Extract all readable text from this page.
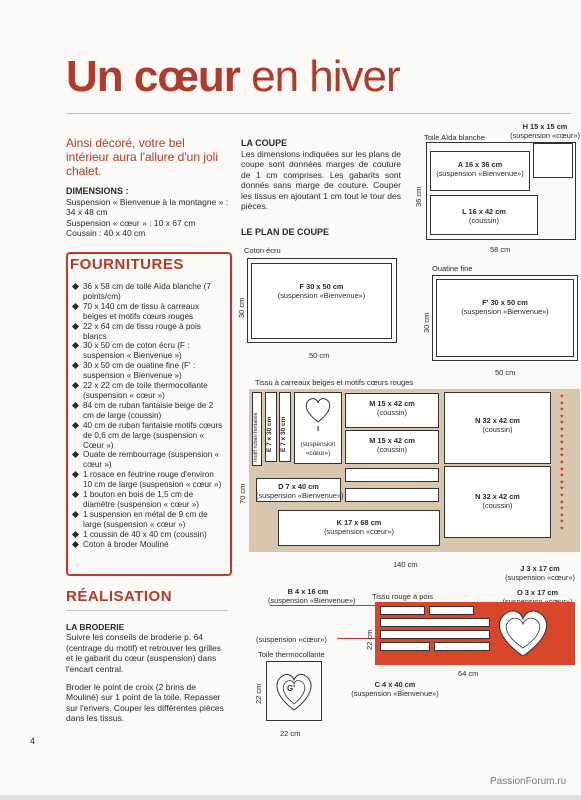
Un cœur en hiver
Ainsi décoré, votre bel intérieur aura l'allure d'un joli chalet.
DIMENSIONS :
Suspension « Bienvenue à la montagne » : 34 x 48 cm
Suspension « cœur » : 10 x 67 cm
Coussin : 40 x 40 cm
FOURNITURES
36 x 58 cm de toile Aïda blanche (7 points/cm)
70 x 140 cm de tissu à carreaux beiges et motifs cœurs rouges
22 x 64 cm de tissu rouge à pois blancs
30 x 50 cm de coton écru (F : suspension « Bienvenue »)
30 x 50 cm de ouatine fine (F' : suspension « Bienvenue »)
22 x 22 cm de toile thermocollante (suspension « cœur »)
84 cm de ruban fantaisie beige de 2 cm de large (coussin)
40 cm de ruban fantaisie motifs cœurs de 0,6 cm de large (suspension « Cœur »)
Ouate de rembourrage (suspension « cœur »)
1 rosace en feutrine rouge d'environ 10 cm de large (suspension « cœur »)
1 bouton en bois de 1,5 cm de diamètre (suspension « cœur »)
1 suspension en métal de 9 cm de large (suspension « cœur »)
1 coussin de 40 x 40 cm (coussin)
Coton à broder Mouliné
RÉALISATION
LA BRODERIE
Suivre les conseils de broderie p. 64 (centrage du motif) et retrouver les grilles et le gabarit du cœur (suspension) dans l'encart central.
Broder le point de croix (2 brins de Mouliné) sur 1 point de la toile. Repasser sur l'envers. Couper les différentes pièces dans les tissus.
4
LA COUPE
Les dimensions indiquées sur les plans de coupe sont données marges de couture de 1 cm comprises. Les gabarits sont donnés sans marge de couture. Couper les tissus en ajoutant 1 cm tout le tour des pièces.
LE PLAN DE COUPE
Toile Aïda blanche
A 16 x 36 cm
(suspension «Bienvenue»)
H 15 x 15 cm
(suspension «cœur»)
L 16 x 42 cm
(coussin)
58 cm
36 cm
Coton écru
F 30 x 50 cm
(suspension «Bienvenue»)
50 cm
30 cm
Ouatine fine
F' 30 x 50 cm
(suspension «Bienvenue»)
50 cm
30 cm
Tissu à carreaux beiges et motifs cœurs rouges
motif ruban fantaisie E 7 x 30 cm E 7 x 30 cm	I
(suspension «cœur»)
M 15 x 42 cm
(coussin)
M 15 x 42 cm
(coussin)
N 32 x 42 cm
(coussin)
N 32 x 42 cm
(coussin)
♥
♥
♥
♥
♥
♥
♥
♥
♥
♥
♥
♥
♥
♥
♥
♥
♥
♥
♥
♥
♥
D 7 x 40 cm
(suspension «Bienvenue»)
K 17 x 68 cm
(suspension «cœur»)
140 cm
70 cm
B 4 x 16 cm
(suspension «Bienvenue»)
J 3 x 17 cm
(suspension «cœur»)
O 3 x 17 cm

Tissu rouge à pois
(suspension «cœur»)
64 cm
22 cm
C 4 x 40 cm
(suspension «Bienvenue»)
Toile thermocollante
G'
22 cm
22 cm
PassionForum.ru
